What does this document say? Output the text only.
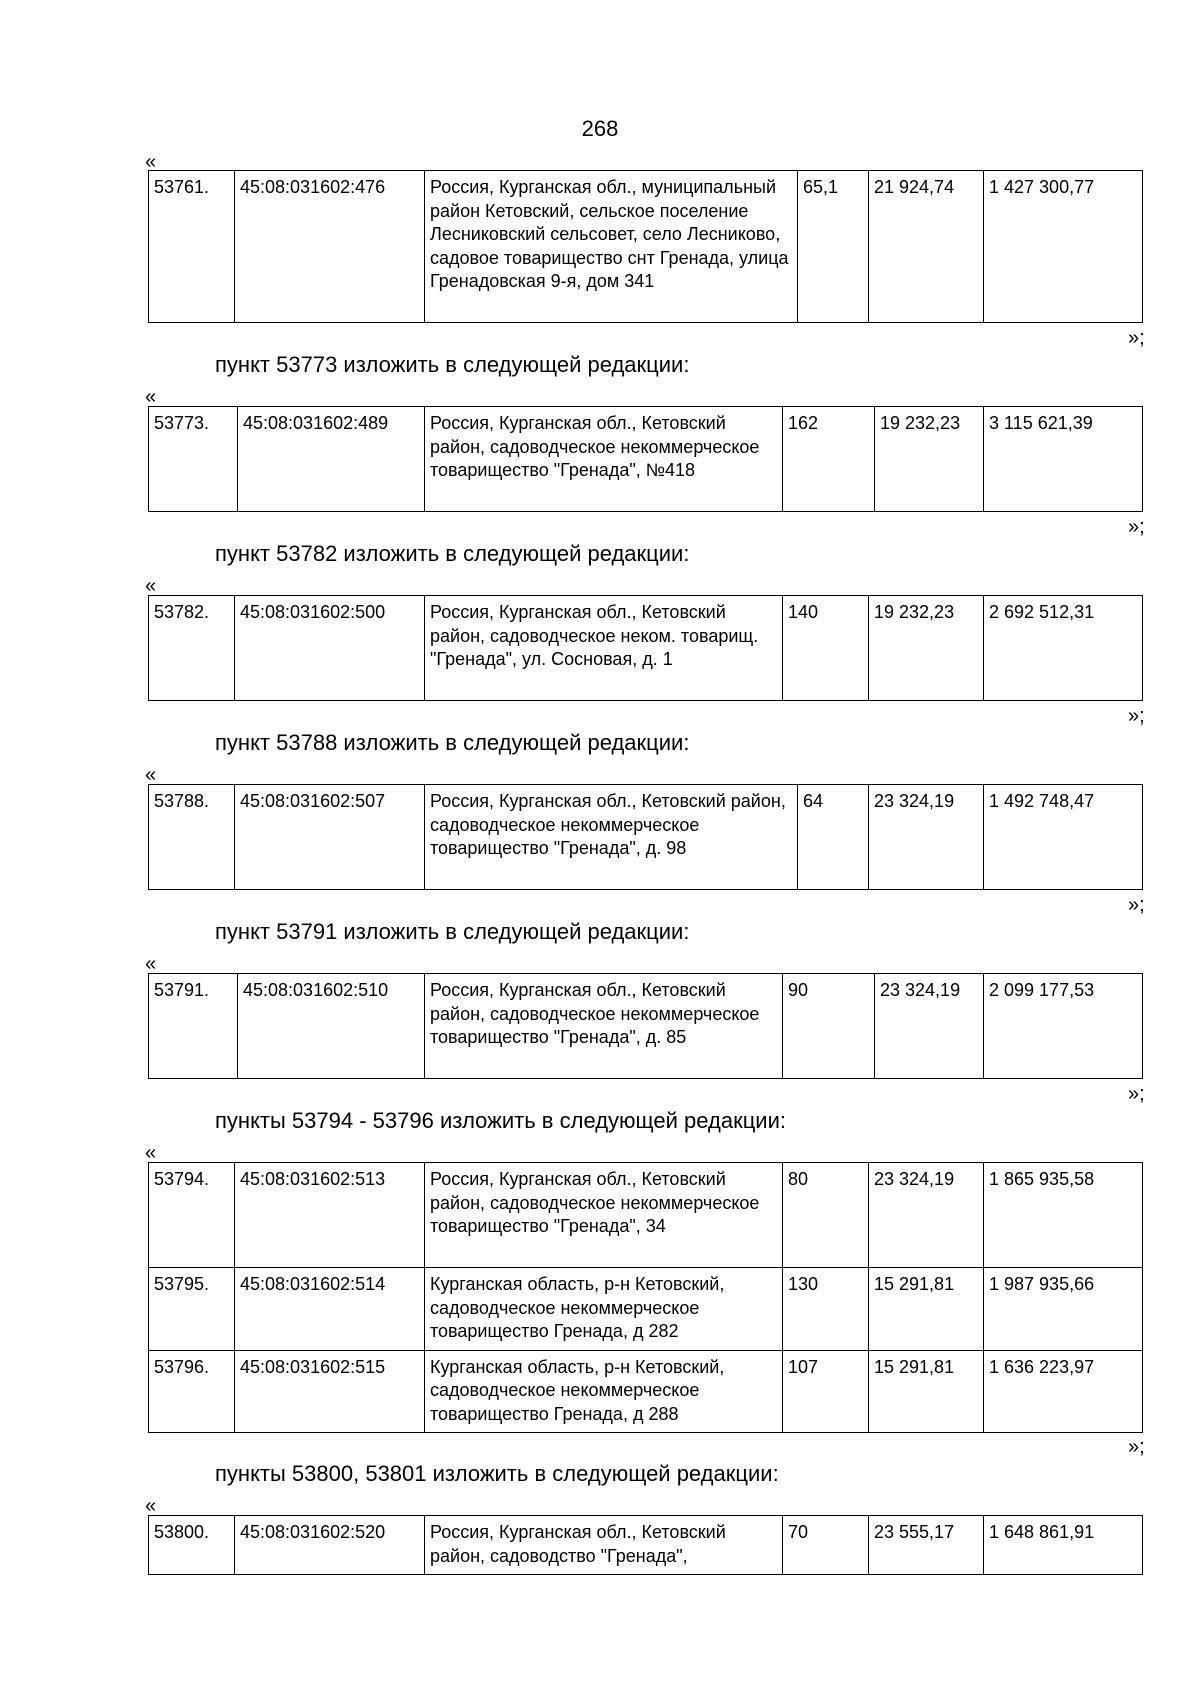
268
«
53761.	45:08:031602:476	Россия, Курганская обл., муниципальный район Кетовский, сельское поселение Лесниковский сельсовет, село Лесниково, садовое товарищество снт Гренада, улица Гренадовская 9-я, дом 341	65,1	21 924,74	1 427 300,77
»;
пункт 53773 изложить в следующей редакции:
«
53773.	45:08:031602:489	Россия, Курганская обл., Кетовский район, садоводческое некоммерческое товарищество "Гренада", №418	162	19 232,23	3 115 621,39
»;
пункт 53782 изложить в следующей редакции:
«
53782.	45:08:031602:500	Россия, Курганская обл., Кетовский район, садоводческое неком. товарищ. "Гренада", ул. Сосновая, д. 1	140	19 232,23	2 692 512,31
»;
пункт 53788 изложить в следующей редакции:
«
53788.	45:08:031602:507	Россия, Курганская обл., Кетовский район, садоводческое некоммерческое товарищество "Гренада", д. 98	64	23 324,19	1 492 748,47
»;
пункт 53791 изложить в следующей редакции:
«
53791.	45:08:031602:510	Россия, Курганская обл., Кетовский район, садоводческое некоммерческое товарищество "Гренада", д. 85	90	23 324,19	2 099 177,53
»;
пункты 53794 - 53796 изложить в следующей редакции:
«
53794.	45:08:031602:513	Россия, Курганская обл., Кетовский район, садоводческое некоммерческое товарищество "Гренада", 34	80	23 324,19	1 865 935,58
53795.	45:08:031602:514	Курганская область, р-н Кетовский, садоводческое некоммерческое товарищество Гренада, д 282	130	15 291,81	1 987 935,66
53796.	45:08:031602:515	Курганская область, р-н Кетовский, садоводческое некоммерческое товарищество Гренада, д 288	107	15 291,81	1 636 223,97
»;
пункты 53800, 53801 изложить в следующей редакции:
«
53800.	45:08:031602:520	Россия, Курганская обл., Кетовский район, садоводство "Гренада",	70	23 555,17	1 648 861,91
